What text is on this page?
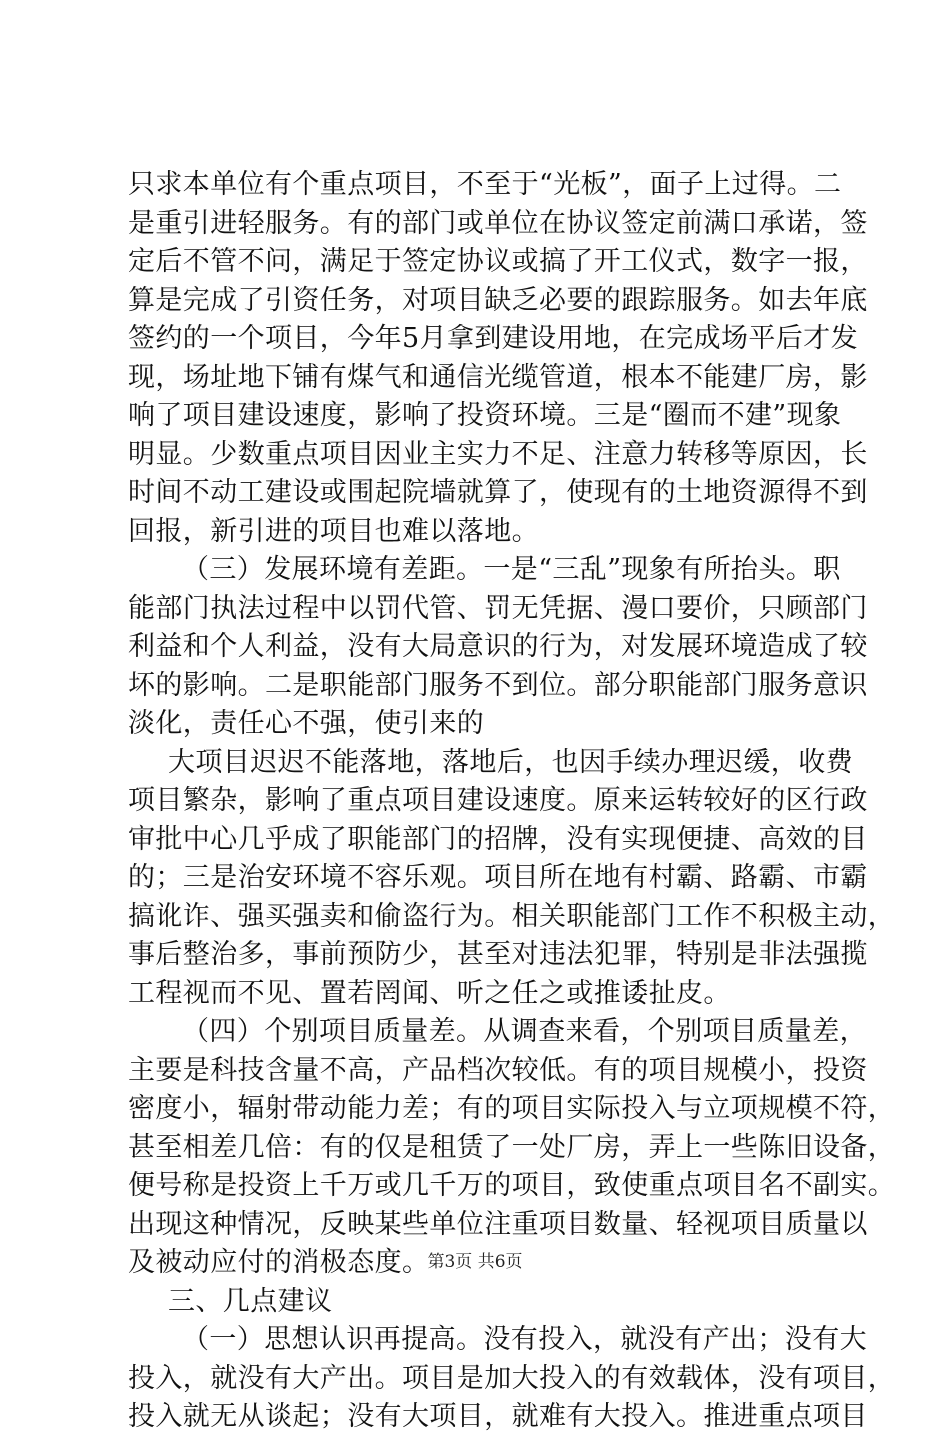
只求本单位有个重点项目，不至于“光板”，面子上过得。二
是重引进轻服务。有的部门或单位在协议签定前满口承诺，签
定后不管不问，满足于签定协议或搞了开工仪式，数字一报，
算是完成了引资任务，对项目缺乏必要的跟踪服务。如去年底
签约的一个项目，今年5月拿到建设用地，在完成场平后才发
现，场址地下铺有煤气和通信光缆管道，根本不能建厂房，影
响了项目建设速度，影响了投资环境。三是“圈而不建”现象
明显。少数重点项目因业主实力不足、注意力转移等原因，长
时间不动工建设或围起院墙就算了，使现有的土地资源得不到
回报，新引进的项目也难以落地。
（三）发展环境有差距。一是“三乱”现象有所抬头。职
能部门执法过程中以罚代管、罚无凭据、漫口要价，只顾部门
利益和个人利益，没有大局意识的行为，对发展环境造成了较
坏的影响。二是职能部门服务不到位。部分职能部门服务意识
淡化，责任心不强，使引来的
大项目迟迟不能落地，落地后，也因手续办理迟缓，收费
项目繁杂，影响了重点项目建设速度。原来运转较好的区行政
审批中心几乎成了职能部门的招牌，没有实现便捷、高效的目
的；三是治安环境不容乐观。项目所在地有村霸、路霸、市霸
搞讹诈、强买强卖和偷盗行为。相关职能部门工作不积极主动，
事后整治多，事前预防少，甚至对违法犯罪，特别是非法强揽
工程视而不见、置若罔闻、听之任之或推诿扯皮。
（四）个别项目质量差。从调查来看，个别项目质量差，
主要是科技含量不高，产品档次较低。有的项目规模小，投资
密度小，辐射带动能力差；有的项目实际投入与立项规模不符，
甚至相差几倍：有的仅是租赁了一处厂房，弄上一些陈旧设备，
便号称是投资上千万或几千万的项目，致使重点项目名不副实。
出现这种情况，反映某些单位注重项目数量、轻视项目质量以
及被动应付的消极态度。
三、几点建议
（一）思想认识再提高。没有投入，就没有产出；没有大
投入，就没有大产出。项目是加大投入的有效载体，没有项目，
投入就无从谈起；没有大项目，就难有大投入。推进重点项目
第3页 共6页
